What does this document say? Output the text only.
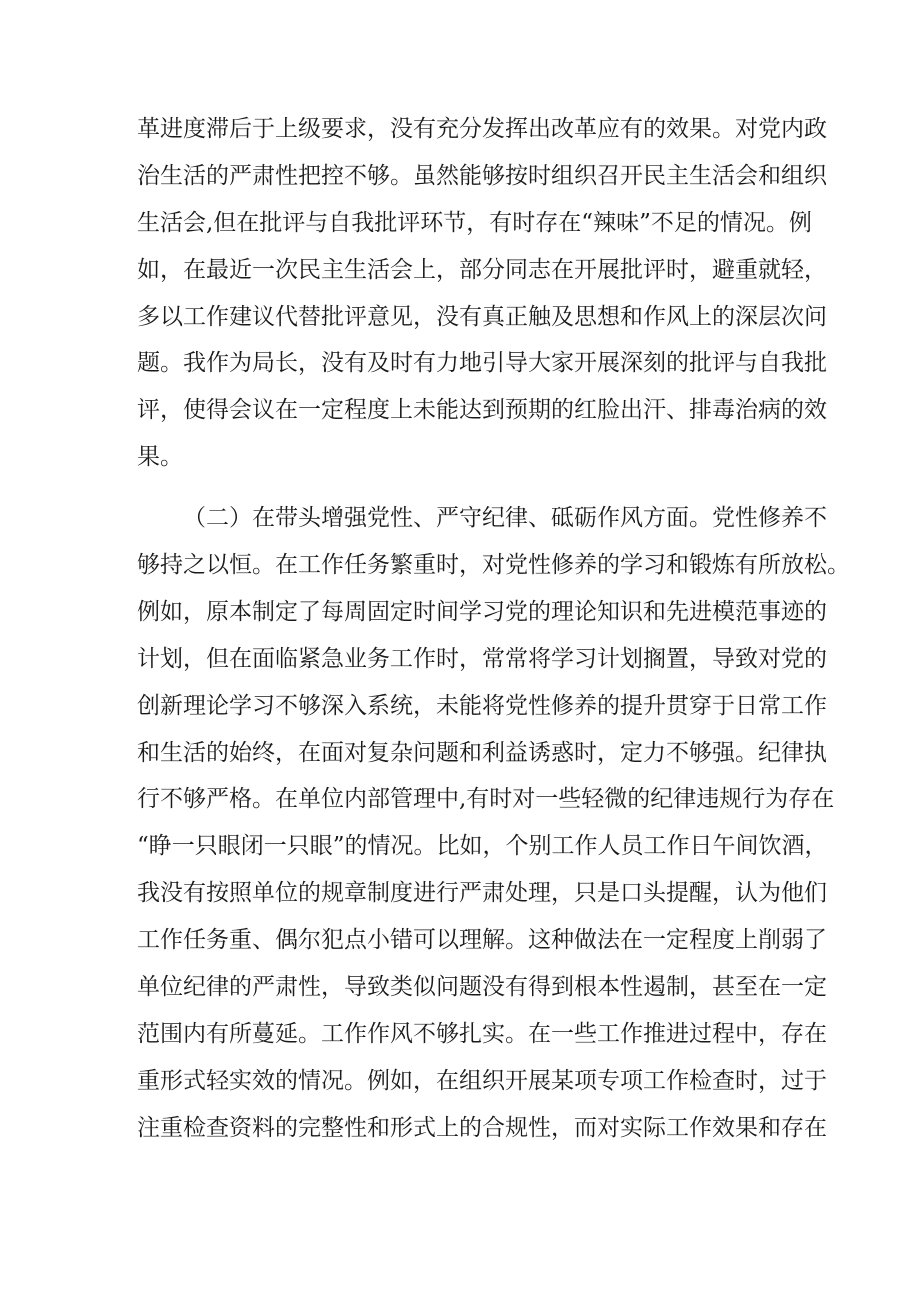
革进度滞后于上级要求，没有充分发挥出改革应有的效果。对党内政
治生活的严肃性把控不够。虽然能够按时组织召开民主生活会和组织
生活会,但在批评与自我批评环节，有时存在“辣味”不足的情况。例
如，在最近一次民主生活会上，部分同志在开展批评时，避重就轻，
多以工作建议代替批评意见，没有真正触及思想和作风上的深层次问
题。我作为局长，没有及时有力地引导大家开展深刻的批评与自我批
评，使得会议在一定程度上未能达到预期的红脸出汗、排毒治病的效
果。
（二）在带头增强党性、严守纪律、砥砺作风方面。党性修养不
够持之以恒。在工作任务繁重时，对党性修养的学习和锻炼有所放松。
例如，原本制定了每周固定时间学习党的理论知识和先进模范事迹的
计划，但在面临紧急业务工作时，常常将学习计划搁置，导致对党的
创新理论学习不够深入系统，未能将党性修养的提升贯穿于日常工作
和生活的始终，在面对复杂问题和利益诱惑时，定力不够强。纪律执
行不够严格。在单位内部管理中,有时对一些轻微的纪律违规行为存在
“睁一只眼闭一只眼”的情况。比如，个别工作人员工作日午间饮酒，
我没有按照单位的规章制度进行严肃处理，只是口头提醒，认为他们
工作任务重、偶尔犯点小错可以理解。这种做法在一定程度上削弱了
单位纪律的严肃性，导致类似问题没有得到根本性遏制，甚至在一定
范围内有所蔓延。工作作风不够扎实。在一些工作推进过程中，存在
重形式轻实效的情况。例如，在组织开展某项专项工作检查时，过于
注重检查资料的完整性和形式上的合规性，而对实际工作效果和存在
